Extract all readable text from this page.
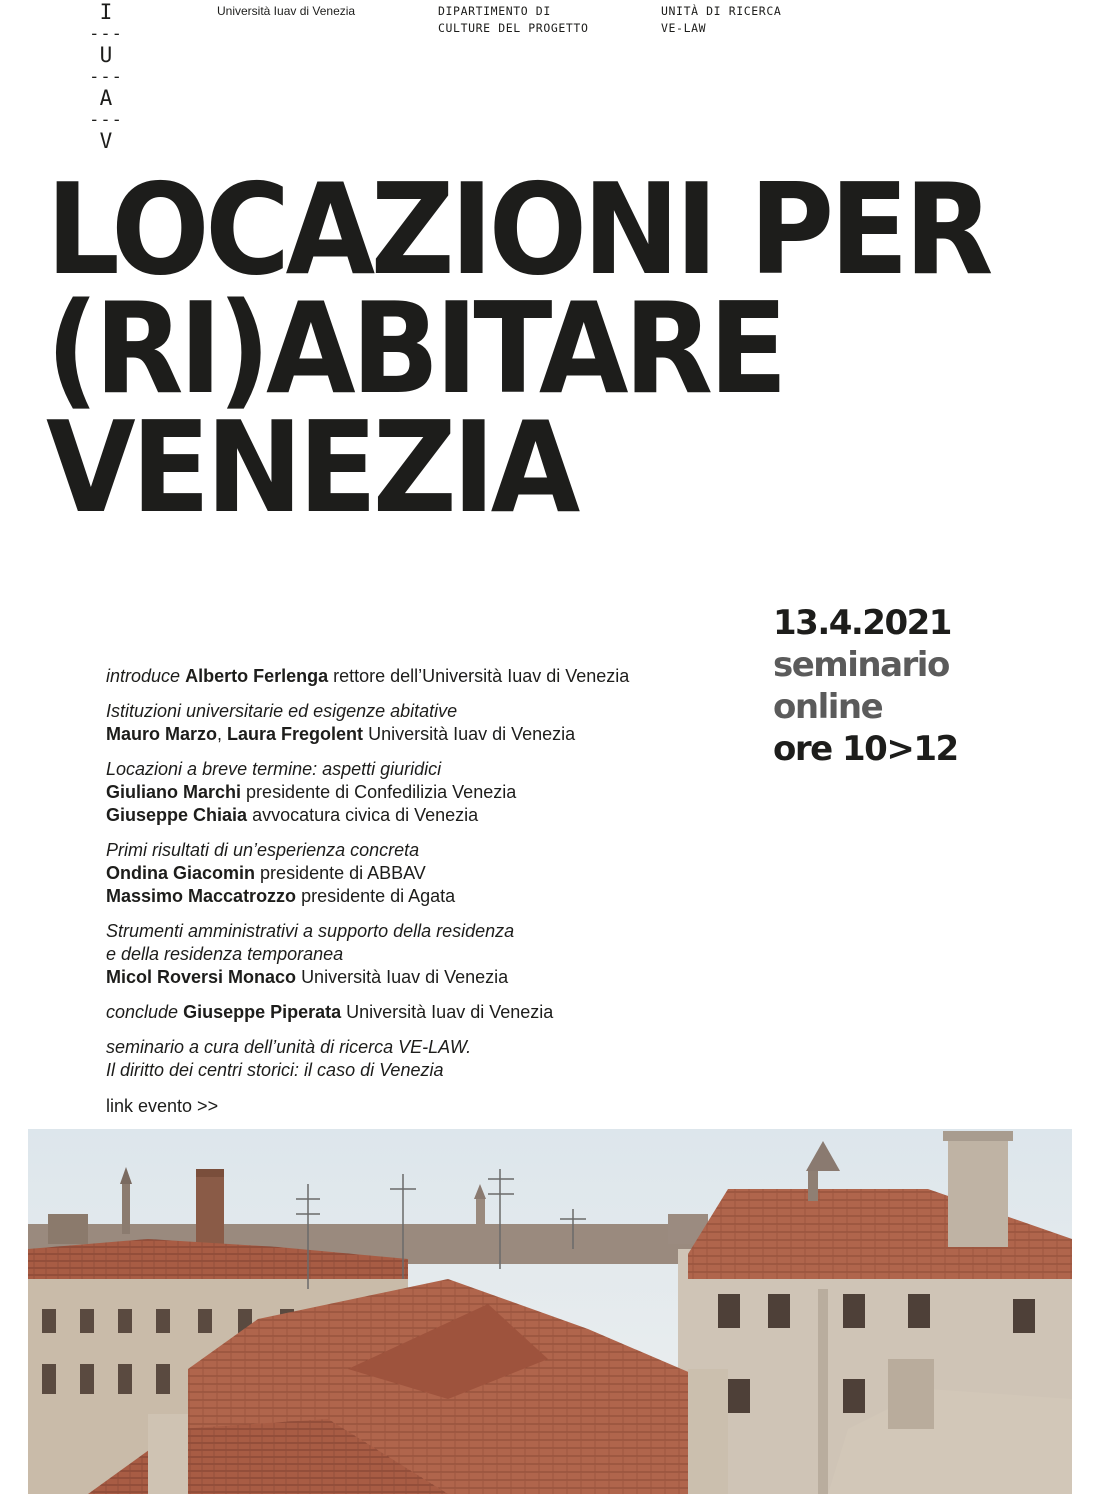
I
---
U
---
A
---
V
Università Iuav di Venezia	DIPARTIMENTO DI
CULTURE DEL PROGETTO
UNITÀ DI RICERCA
VE-LAW
LOCAZIONI PER
(RI)ABITARE
VENEZIA
13.4.2021
seminario
online
ore 10>12
introduce Alberto Ferlenga rettore dell’Università Iuav di Venezia
Istituzioni universitarie ed esigenze abitative
Mauro Marzo, Laura Fregolent Università Iuav di Venezia
Locazioni a breve termine: aspetti giuridici
Giuliano Marchi presidente di Confedilizia Venezia
Giuseppe Chiaia avvocatura civica di Venezia
Primi risultati di un’esperienza concreta
Ondina Giacomin presidente di ABBAV
Massimo Maccatrozzo presidente di Agata
Strumenti amministrativi a supporto della residenza
e della residenza temporanea
Micol Roversi Monaco Università Iuav di Venezia
conclude Giuseppe Piperata Università Iuav di Venezia
seminario a cura dell’unità di ricerca VE-LAW.
Il diritto dei centri storici: il caso di Venezia
link evento >>
